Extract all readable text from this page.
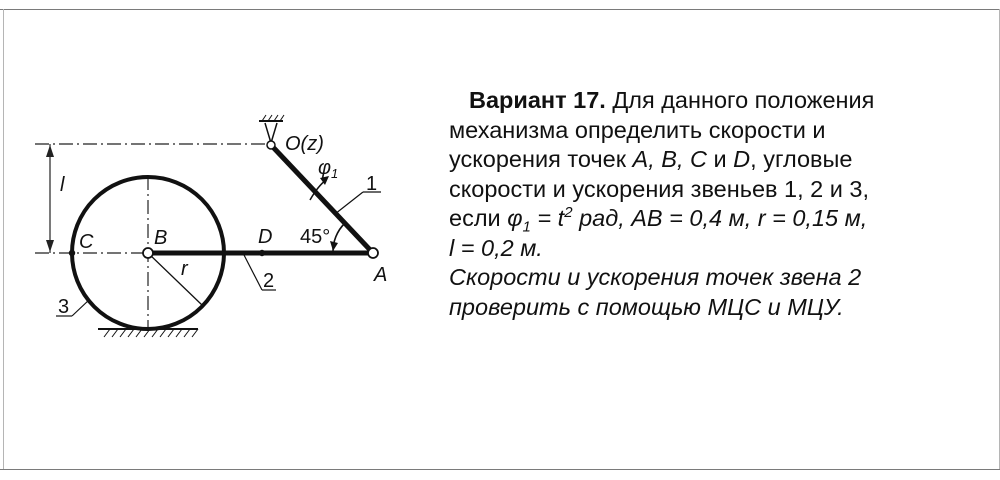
O(z)
$\varphi_1$ 1
2
3
A
B
C	D
l
r
45°

Вариант 17. Для данного положения

механизма определить скорости и

ускорения точек A, B, C и D, угловые

скорости и ускорения звеньев 1, 2 и 3,

если $\varphi_1 = t^2$ рад, AB = 0,4 м, r = 0,15 м,

l = 0,2 м.

Скорости и ускорения точек звена 2

проверить с помощью МЦС и МЦУ.
